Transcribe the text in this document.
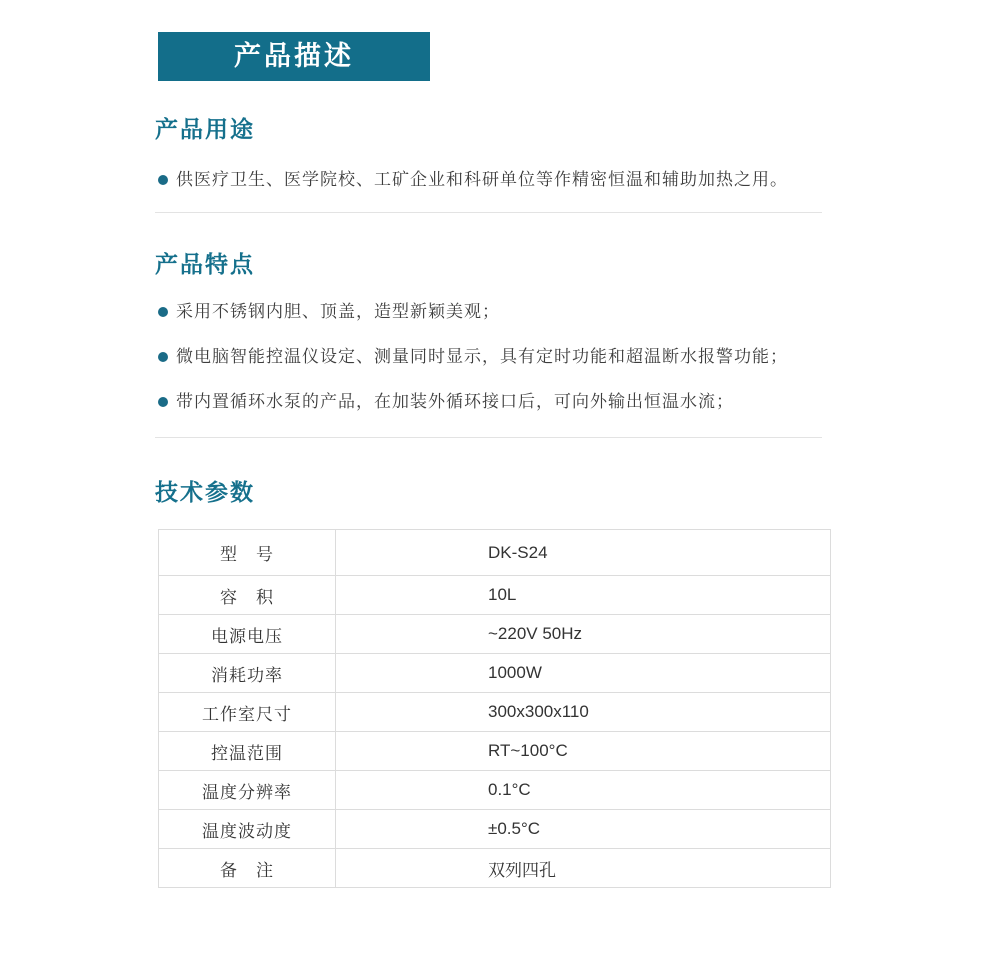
产品描述
产品用途
供医疗卫生、医学院校、工矿企业和科研单位等作精密恒温和辅助加热之用。
产品特点
采用不锈钢内胆、顶盖，造型新颖美观；
微电脑智能控温仪设定、测量同时显示，具有定时功能和超温断水报警功能；
带内置循环水泵的产品，在加装外循环接口后，可向外输出恒温水流；
技术参数
型　号	DK-S24
容　积	10L
电源电压	~220V 50Hz
消耗功率	1000W
工作室尺寸	300x300x110
控温范围	RT~100°C
温度分辨率	0.1°C
温度波动度	±0.5°C
备　注	双列四孔
